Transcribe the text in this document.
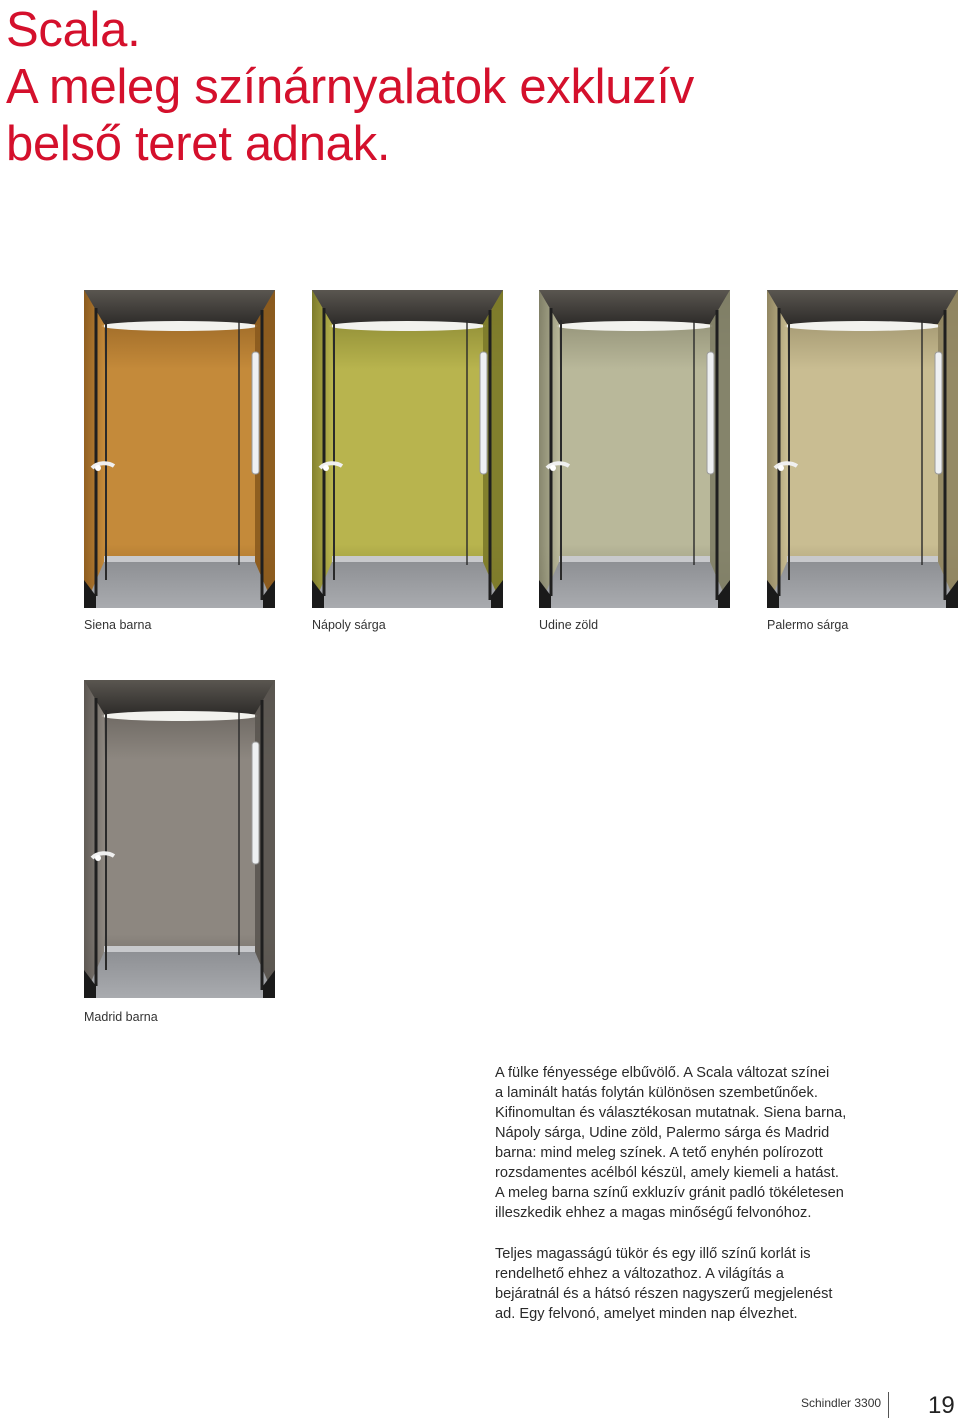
Scala.
A meleg színárnyalatok exkluzív
belső teret adnak.
Siena barna	Nápoly sárga	Udine zöld	Palermo sárga
Madrid barna
A fülke fényessége elbűvölő. A Scala változat színei
a laminált hatás folytán különösen szembetűnőek.
Kifinomultan és választékosan mutatnak. Siena barna,
Nápoly sárga, Udine zöld, Palermo sárga és Madrid
barna: mind meleg színek. A tető enyhén polírozott
rozsdamentes acélból készül, amely kiemeli a hatást.
A meleg barna színű exkluzív gránit padló tökéletesen
illeszkedik ehhez a magas minőségű felvonóhoz.
Teljes magasságú tükör és egy illő színű korlát is
rendelhető ehhez a változathoz. A világítás a
bejáratnál és a hátsó részen nagyszerű megjelenést
ad. Egy felvonó, amelyet minden nap élvezhet.
Schindler 3300 19
